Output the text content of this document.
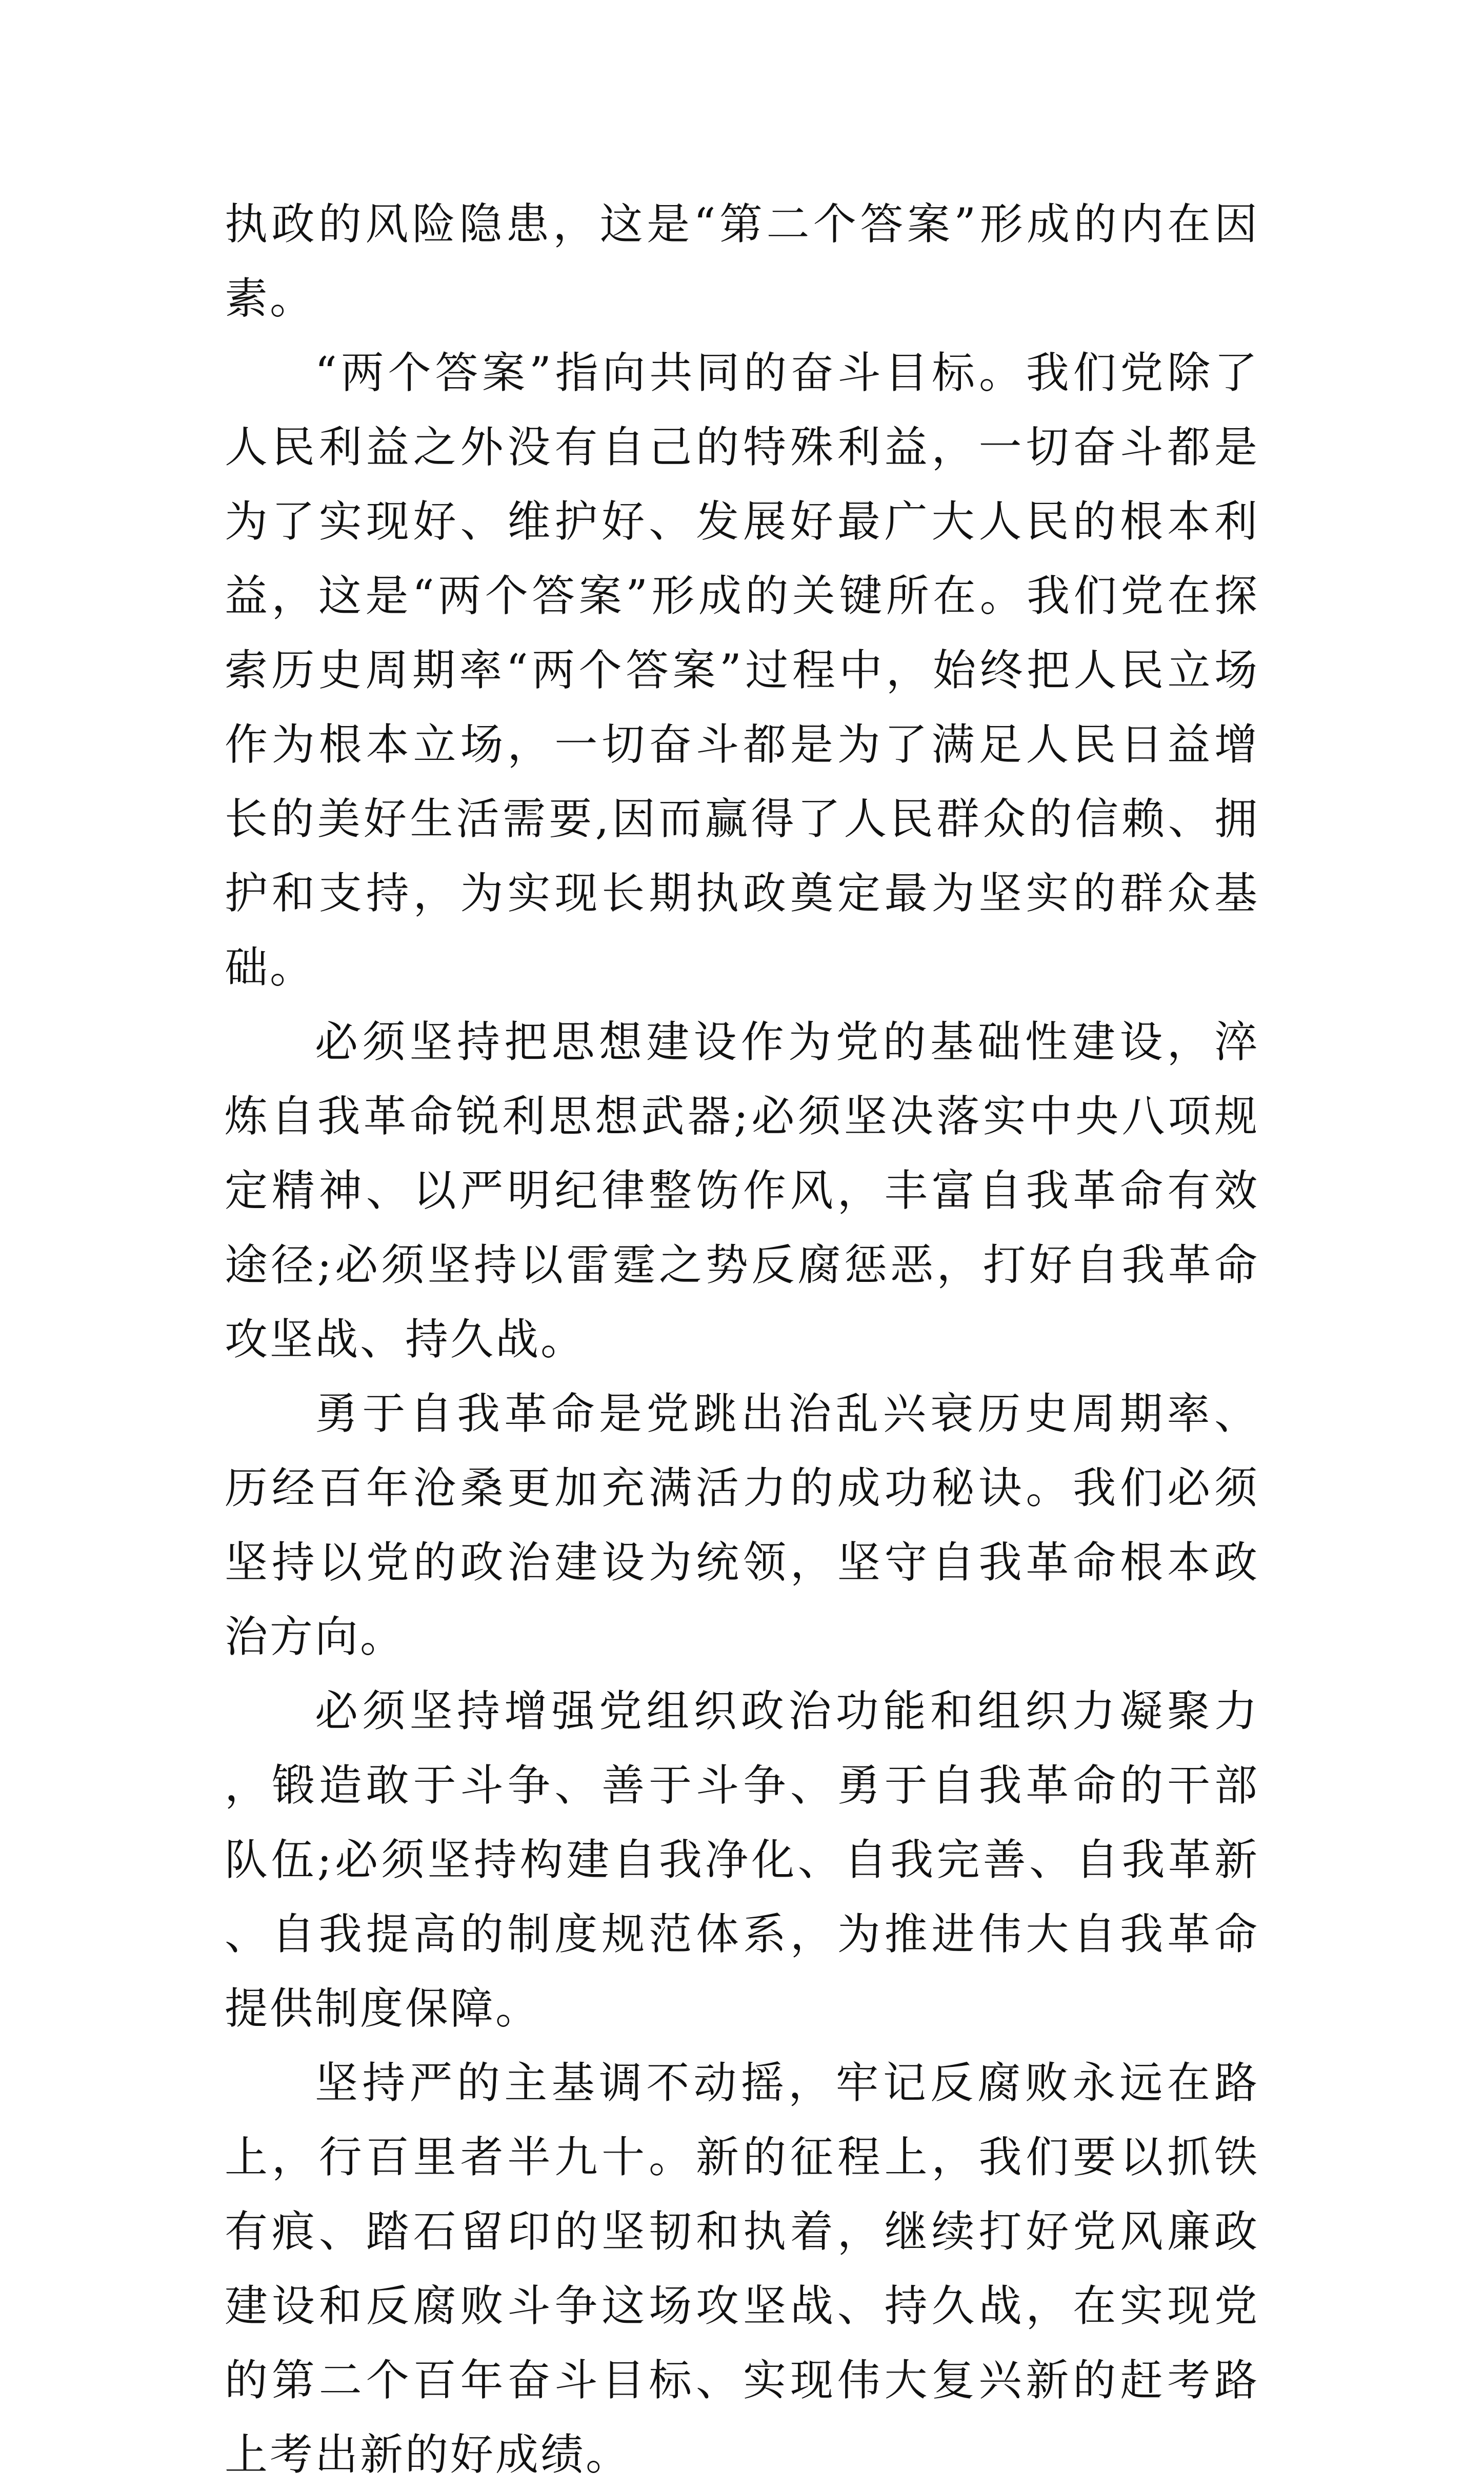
执政的风险隐患，这是“第二个答案”形成的内在因素。

“两个答案”指向共同的奋斗目标。我们党除了人民利益之外没有自己的特殊利益，一切奋斗都是为了实现好、维护好、发展好最广大人民的根本利益，这是“两个答案”形成的关键所在。我们党在探索历史周期率“两个答案”过程中，始终把人民立场作为根本立场，一切奋斗都是为了满足人民日益增长的美好生活需要,因而赢得了人民群众的信赖、拥护和支持，为实现长期执政奠定最为坚实的群众基础。

必须坚持把思想建设作为党的基础性建设，淬炼自我革命锐利思想武器;必须坚决落实中央八项规定精神、以严明纪律整饬作风，丰富自我革命有效途径;必须坚持以雷霆之势反腐惩恶，打好自我革命攻坚战、持久战。

勇于自我革命是党跳出治乱兴衰历史周期率、历经百年沧桑更加充满活力的成功秘诀。我们必须坚持以党的政治建设为统领，坚守自我革命根本政治方向。

必须坚持增强党组织政治功能和组织力凝聚力，锻造敢于斗争、善于斗争、勇于自我革命的干部队伍;必须坚持构建自我净化、自我完善、自我革新、自我提高的制度规范体系，为推进伟大自我革命提供制度保障。

坚持严的主基调不动摇，牢记反腐败永远在路上，行百里者半九十。新的征程上，我们要以抓铁有痕、踏石留印的坚韧和执着，继续打好党风廉政建设和反腐败斗争这场攻坚战、持久战，在实现党的第二个百年奋斗目标、实现伟大复兴新的赶考路上考出新的好成绩。
